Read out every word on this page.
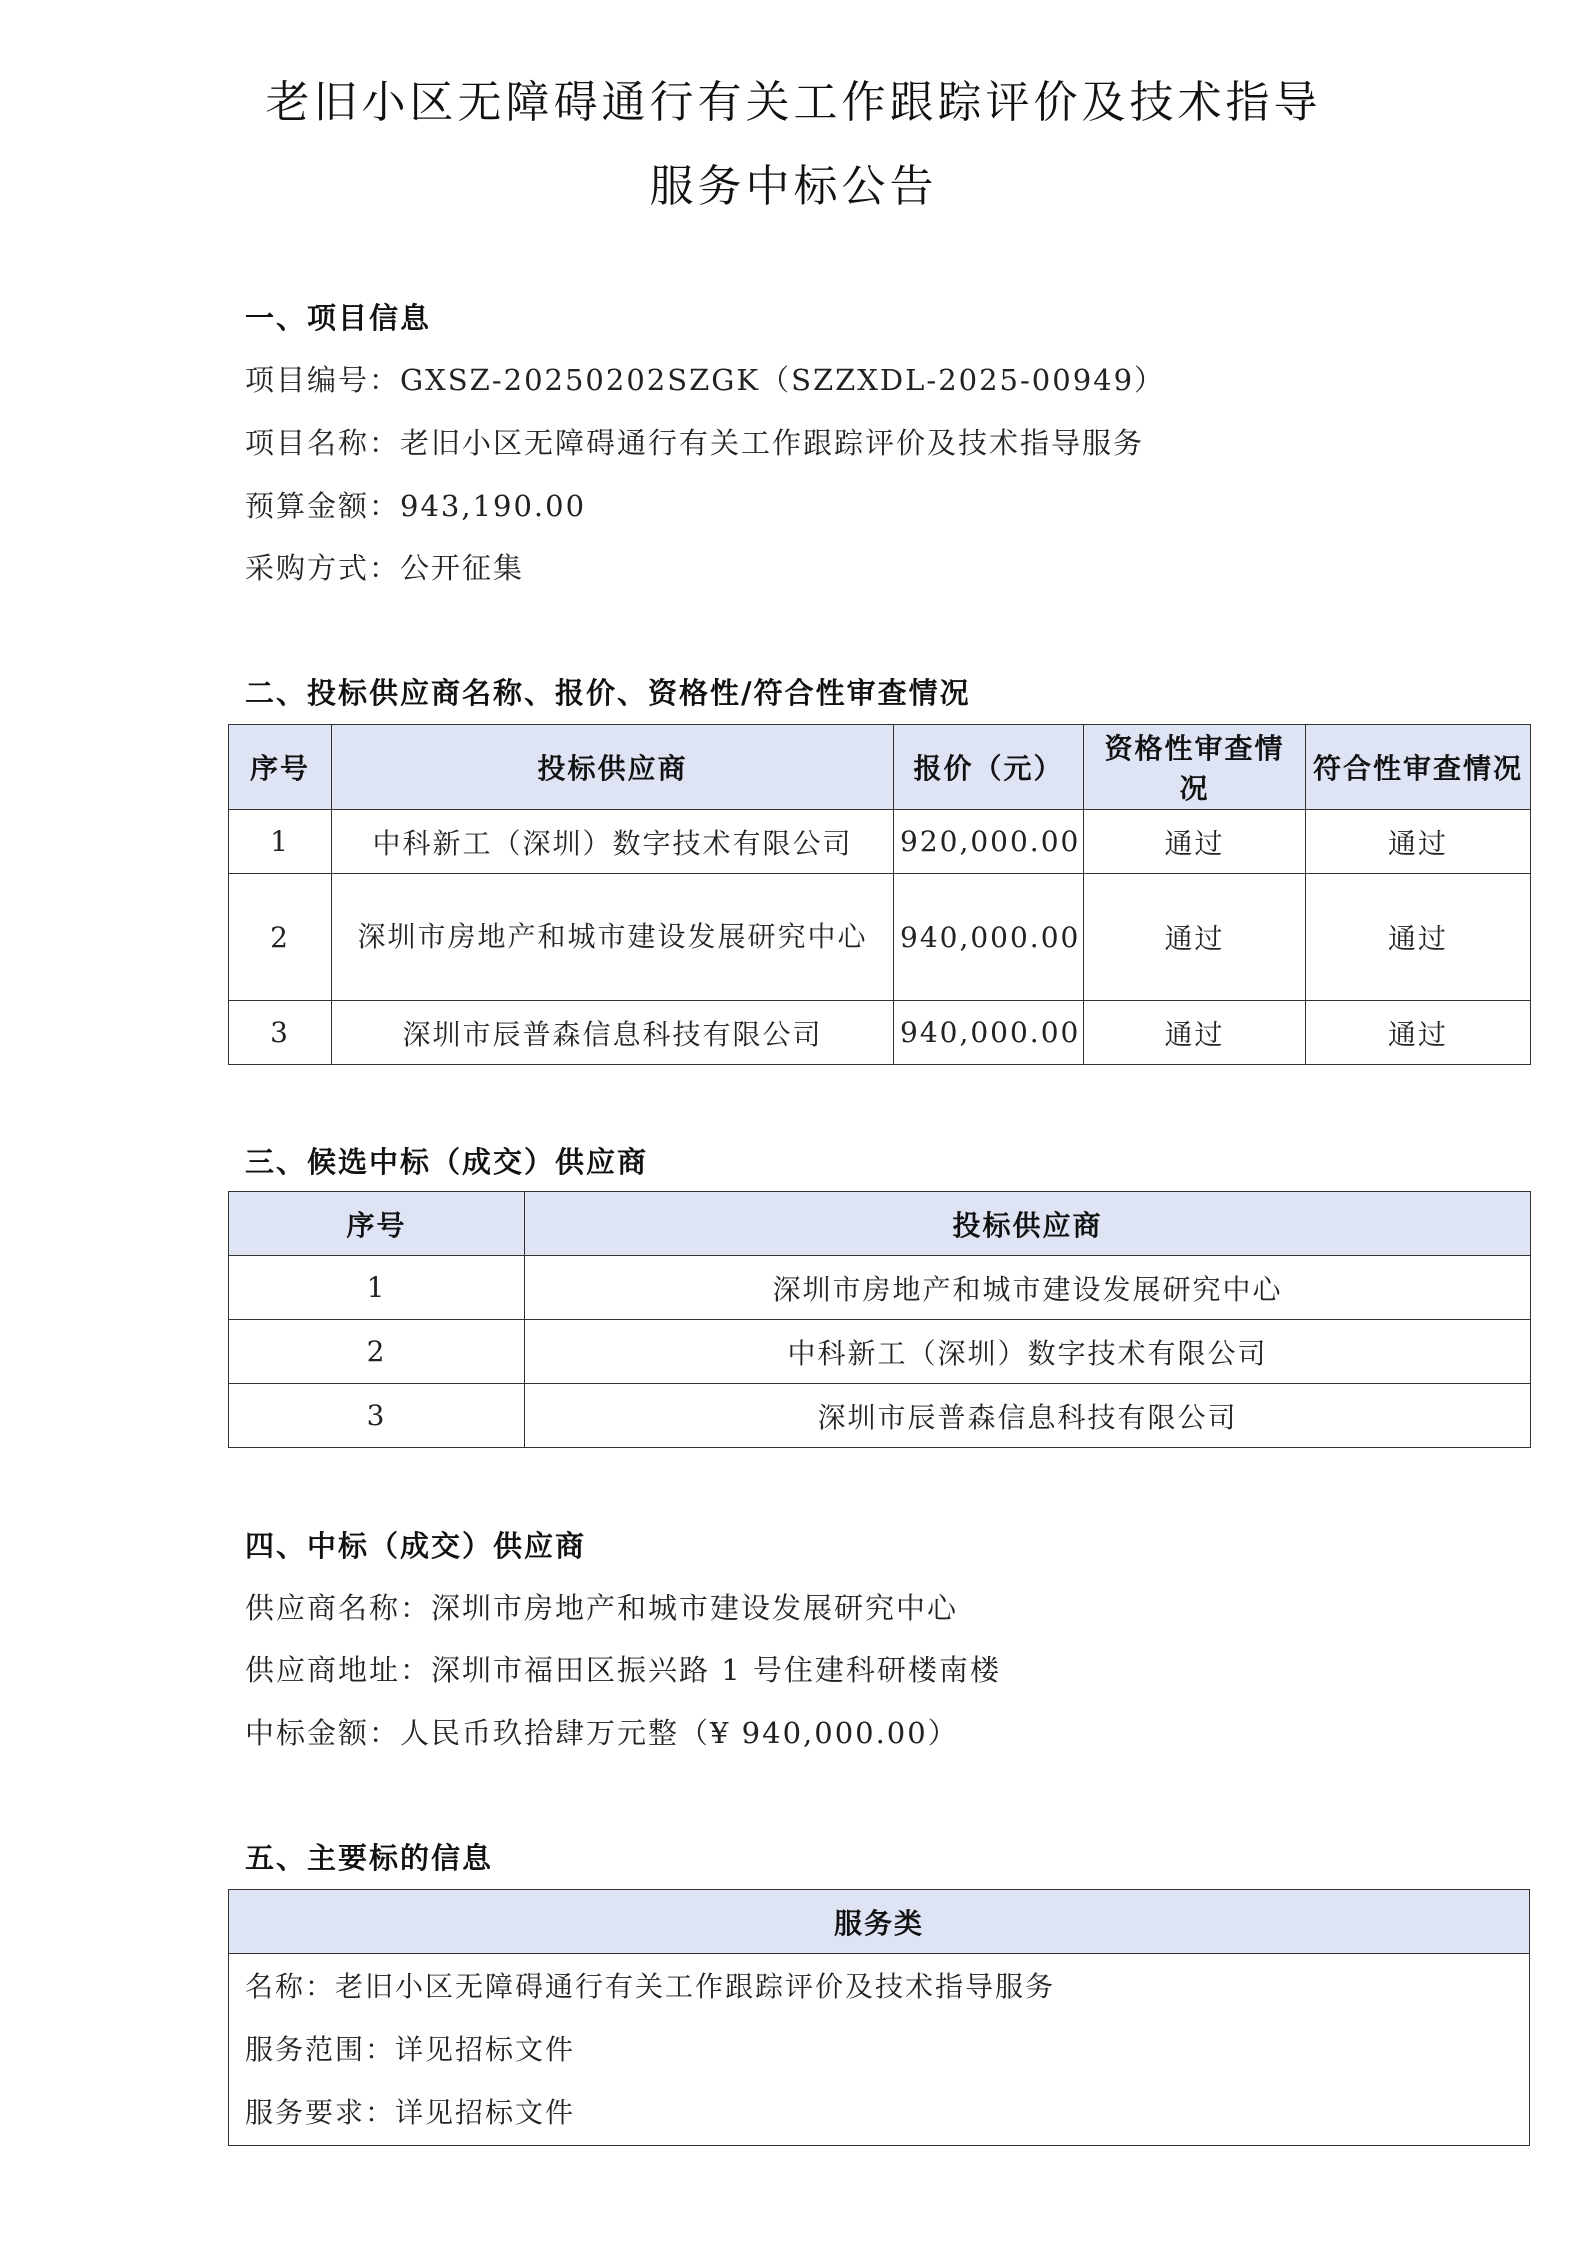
老旧小区无障碍通行有关工作跟踪评价及技术指导
服务中标公告
一、项目信息
项目编号：GXSZ-20250202SZGK（SZZXDL-2025-00949）
项目名称：老旧小区无障碍通行有关工作跟踪评价及技术指导服务
预算金额：943,190.00
采购方式：公开征集
二、投标供应商名称、报价、资格性/符合性审查情况
序号	投标供应商	报价（元）	资格性审查情况	符合性审查情况
1	中科新工（深圳）数字技术有限公司	920,000.00	通过	通过
2	深圳市房地产和城市建设发展研究中心	940,000.00	通过	通过
3	深圳市辰普森信息科技有限公司	940,000.00	通过	通过
三、候选中标（成交）供应商
序号	投标供应商
1	深圳市房地产和城市建设发展研究中心
2	中科新工（深圳）数字技术有限公司
3	深圳市辰普森信息科技有限公司
四、中标（成交）供应商
供应商名称：深圳市房地产和城市建设发展研究中心
供应商地址：深圳市福田区振兴路 1 号住建科研楼南楼
中标金额：人民币玖拾肆万元整（¥ 940,000.00）
五、主要标的信息
服务类

名称：老旧小区无障碍通行有关工作跟踪评价及技术指导服务
服务范围：详见招标文件
服务要求：详见招标文件
